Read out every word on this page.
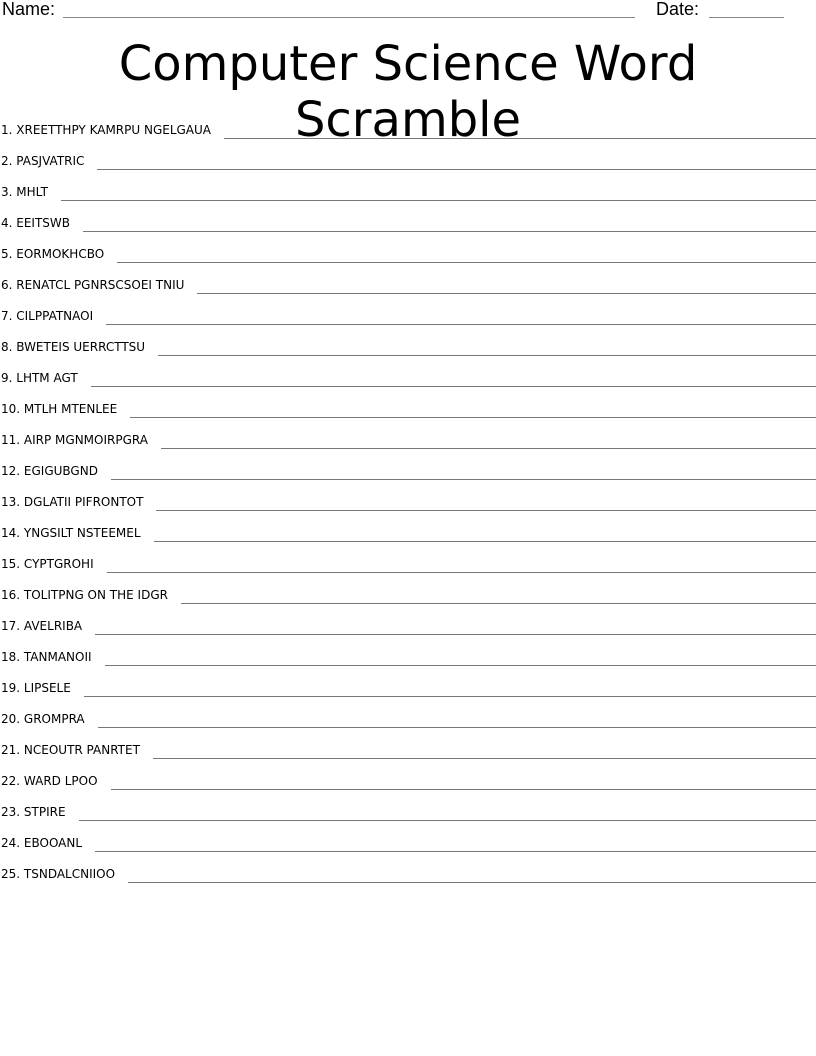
Name:	Date:
Computer Science Word Scramble
1. XREETTHPY KAMRPU NGELGAUA
2. PASJVATRIC
3. MHLT
4. EEITSWB
5. EORMOKHCBO
6. RENATCL PGNRSCSOEI TNIU
7. CILPPATNAOI
8. BWETEIS UERRCTTSU
9. LHTM AGT
10. MTLH MTENLEE
11. AIRP MGNMOIRPGRA
12. EGIGUBGND
13. DGLATII PIFRONTOT
14. YNGSILT NSTEEMEL
15. CYPTGROHI
16. TOLITPNG ON THE IDGR
17. AVELRIBA
18. TANMANOII
19. LIPSELE
20. GROMPRA
21. NCEOUTR PANRTET
22. WARD LPOO
23. STPIRE
24. EBOOANL
25. TSNDALCNIIOO
